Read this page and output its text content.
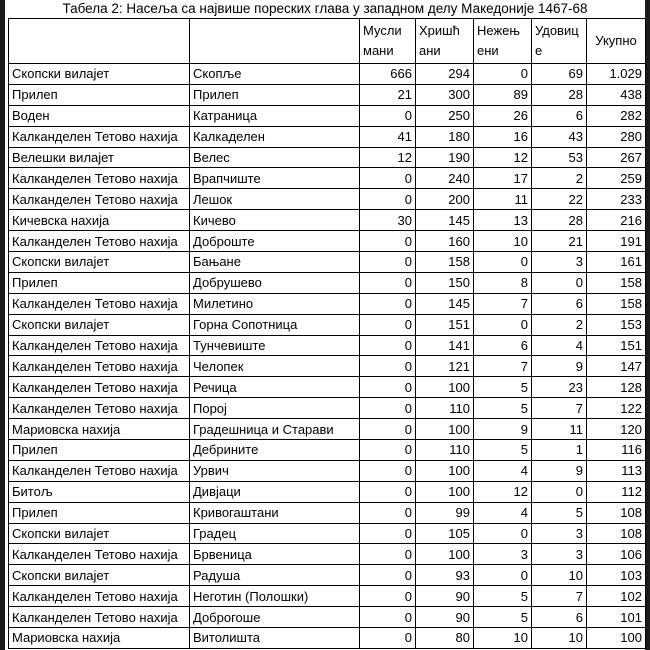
Табела 2: Насеља са највише пореских глава у западном делу Македоније 1467-68
		Мусли мани	Хришћ ани	Нежењ ени	Удовиц е	Укупно
Скопски вилајет	Скопље	666	294	0	69	1.029
Прилеп	Прилеп	21	300	89	28	438
Воден	Катраница	0	250	26	6	282
Калканделен Тетово нахија	Калкаделен	41	180	16	43	280
Велешки вилаjет	Велес	12	190	12	53	267
Калканделен Тетово нахија	Врапчиште	0	240	17	2	259
Калканделен Тетово нахија	Лешок	0	200	11	22	233
Кичевска нахија	Кичево	30	145	13	28	216
Калканделен Тетово нахија	Доброште	0	160	10	21	191
Скопски вилајет	Бањане	0	158	0	3	161
Прилеп	Добрушево	0	150	8	0	158
Калканделен Тетово нахија	Милетино	0	145	7	6	158
Скопски вилајет	Горна Сопотница	0	151	0	2	153
Калканделен Тетово нахија	Тунчевиште	0	141	6	4	151
Калканделен Тетово нахија	Челопек	0	121	7	9	147
Калканделен Тетово нахија	Речица	0	100	5	23	128
Калканделен Тетово нахија	Порој	0	110	5	7	122
Мариовска нахија	Градешница и Старави	0	100	9	11	120
Прилеп	Дебрините	0	110	5	1	116
Калканделен Тетово нахија	Урвич	0	100	4	9	113
Битољ	Дивјаци	0	100	12	0	112
Прилеп	Кривогаштани	0	99	4	5	108
Скопски вилајет	Градец	0	105	0	3	108
Калканделен Тетово нахија	Брвеница	0	100	3	3	106
Скопски вилајет	Радуша	0	93	0	10	103
Калканделен Тетово нахија	Неготин (Полошки)	0	90	5	7	102
Калканделен Тетово нахија	Доброгоше	0	90	5	6	101
Мариовска нахија	Витолишта	0	80	10	10	100
